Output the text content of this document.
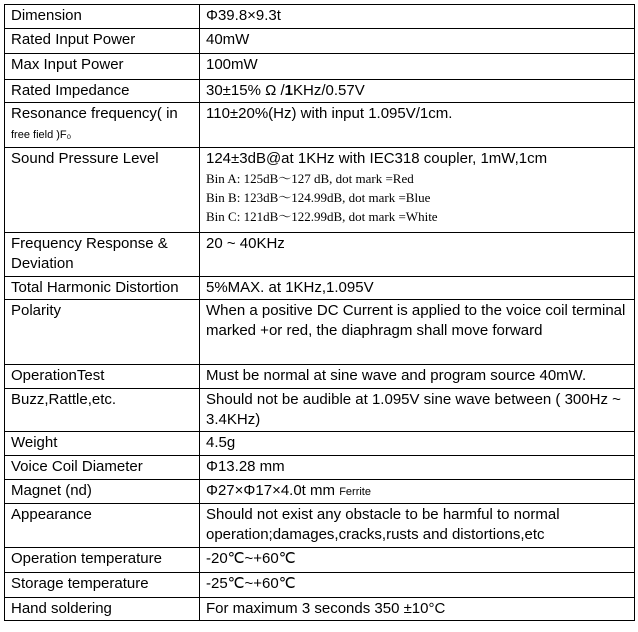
Dimension	Φ39.8×9.3t
Rated Input Power	40mW
Max Input Power	100mW
Rated Impedance	30±15% Ω /1KHz/0.57V
Resonance frequency( in
free field )F₀	110±20%(Hz) with input 1.095V/1cm.
Sound Pressure Level	124±3dB@at 1KHz with IEC318 coupler, 1mW,1cm
Bin A: 125dB～127 dB, dot mark =Red
Bin B: 123dB～124.99dB, dot mark =Blue
Bin C: 121dB～122.99dB, dot mark =White

Frequency Response & Deviation	20 ~ 40KHz
Total Harmonic Distortion	5%MAX. at 1KHz,1.095V
Polarity	When a positive DC Current is applied to the voice coil terminal marked +or red, the diaphragm shall move forward
OperationTest	Must be normal at sine wave and program source 40mW.
Buzz,Rattle,etc.	Should not be audible at 1.095V sine wave between ( 300Hz ~ 3.4KHz)
Weight	4.5g
Voice Coil Diameter	Φ13.28 mm
Magnet (nd)	Φ27×Φ17×4.0t mm Ferrite
Appearance	Should not exist any obstacle to be harmful to normal operation;damages,cracks,rusts and distortions,etc
Operation temperature	-20℃~+60℃
Storage temperature	-25℃~+60℃
Hand soldering	For maximum 3 seconds 350 ±10°C
